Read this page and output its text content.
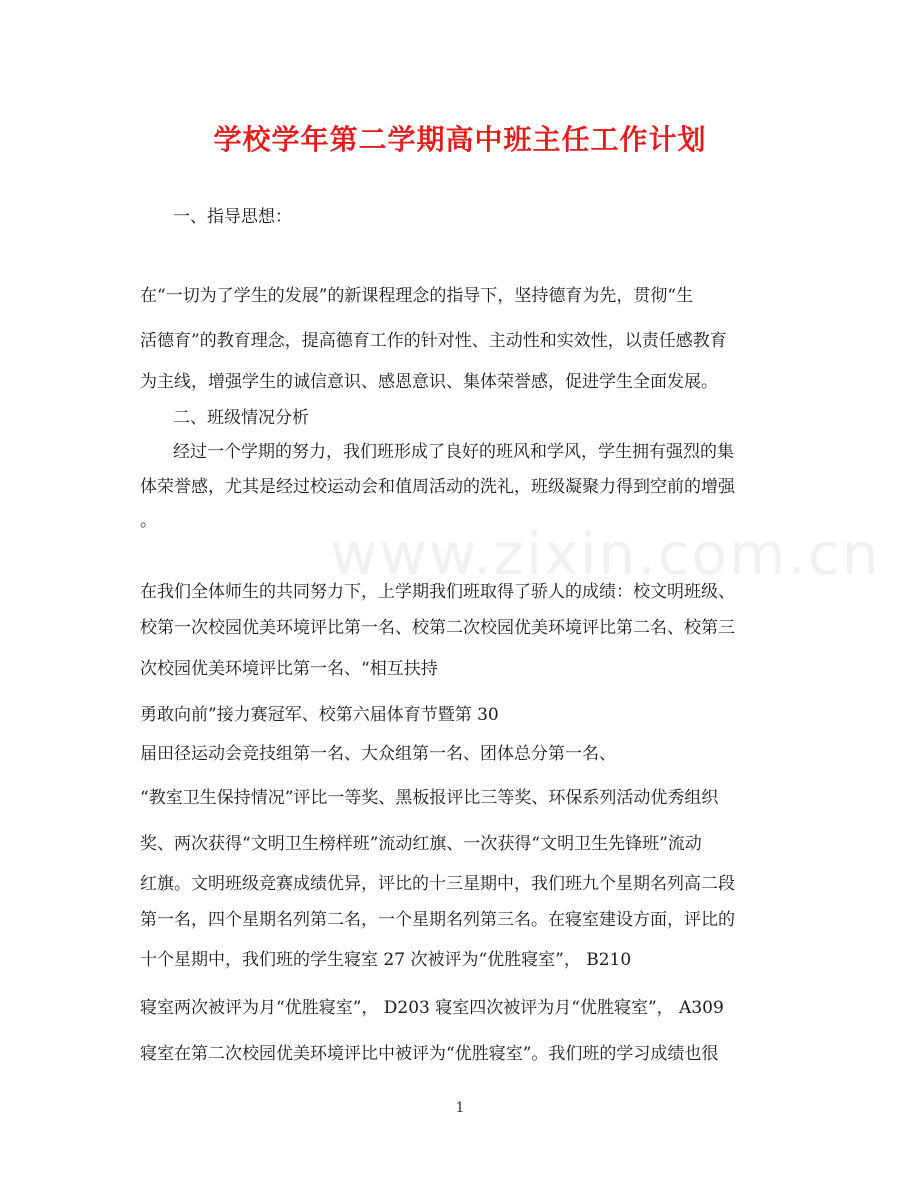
www.zixin.com.cn
学校学年第二学期高中班主任工作计划
一、指导思想：
在“一切为了学生的发展”的新课程理念的指导下，坚持德育为先，贯彻“生
活德育”的教育理念，提高德育工作的针对性、主动性和实效性，以责任感教育
为主线，增强学生的诚信意识、感恩意识、集体荣誉感，促进学生全面发展。
二、班级情况分析
经过一个学期的努力，我们班形成了良好的班风和学风，学生拥有强烈的集
体荣誉感，尤其是经过校运动会和值周活动的洗礼，班级凝聚力得到空前的增强
。
在我们全体师生的共同努力下，上学期我们班取得了骄人的成绩：校文明班级、
校第一次校园优美环境评比第一名、校第二次校园优美环境评比第二名、校第三
次校园优美环境评比第一名、“相互扶持
勇敢向前”接力赛冠军、校第六届体育节暨第 30
届田径运动会竞技组第一名、大众组第一名、团体总分第一名、
“教室卫生保持情况”评比一等奖、黑板报评比三等奖、环保系列活动优秀组织
奖、两次获得“文明卫生榜样班”流动红旗、一次获得“文明卫生先锋班”流动
红旗。文明班级竞赛成绩优异，评比的十三星期中，我们班九个星期名列高二段
第一名，四个星期名列第二名，一个星期名列第三名。在寝室建设方面，评比的
十个星期中，我们班的学生寝室 27 次被评为“优胜寝室”， B210
寝室两次被评为月“优胜寝室”， D203 寝室四次被评为月“优胜寝室”， A309
寝室在第二次校园优美环境评比中被评为“优胜寝室”。我们班的学习成绩也很
1
